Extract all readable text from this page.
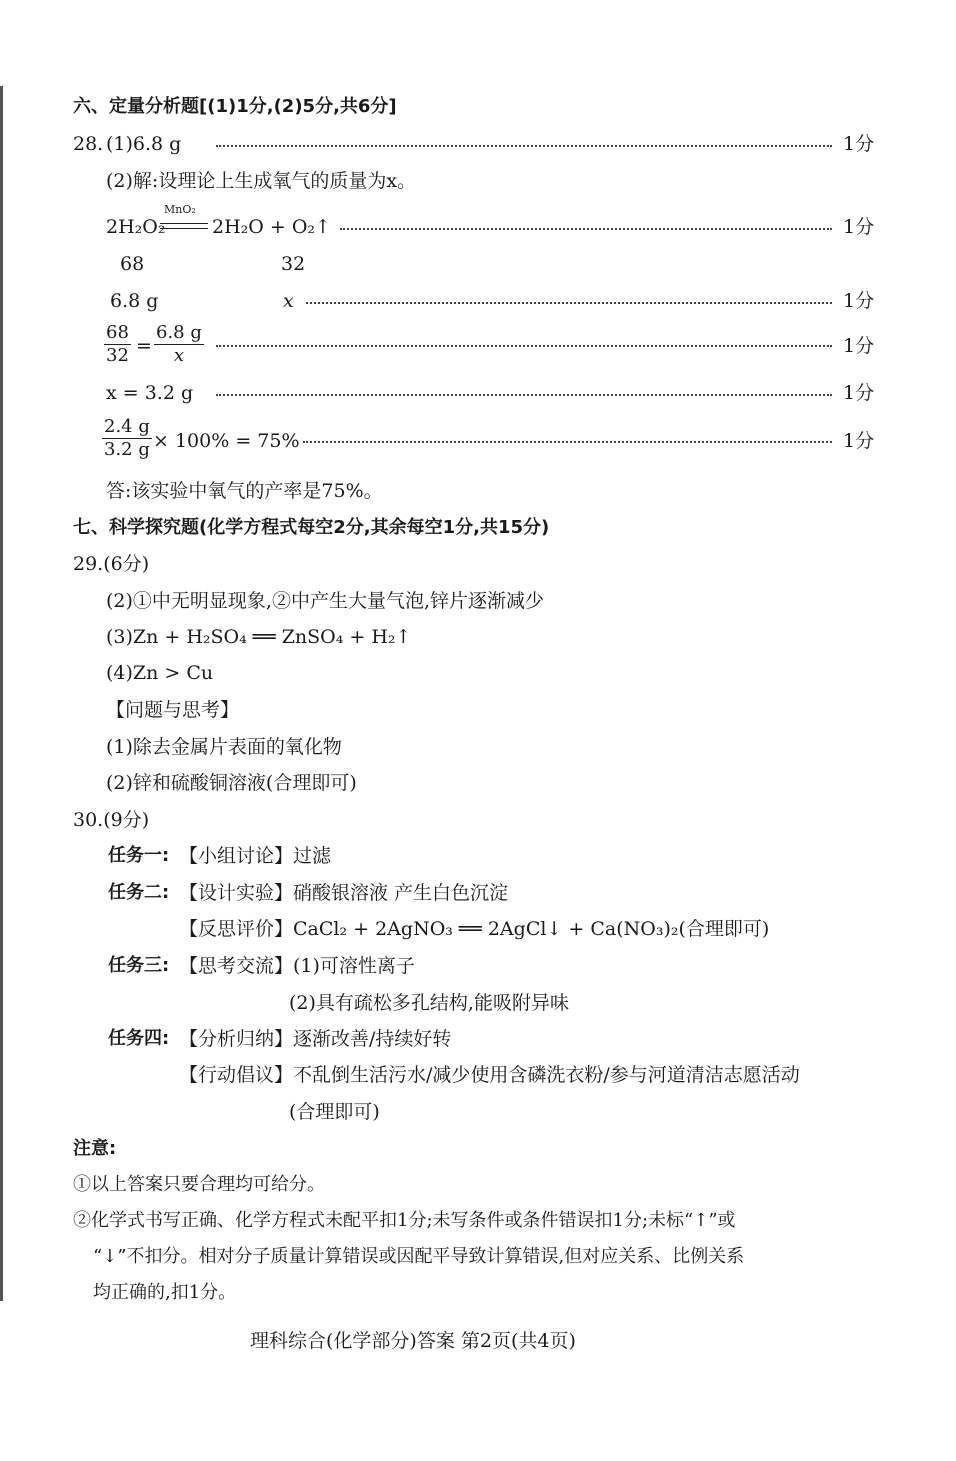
六、定量分析题[(1)1分,(2)5分,共6分]
28. (1)6.8 g	1分
(2)解:设理论上生成氧气的质量为x。
2H₂O₂
MnO₂
2H₂O + O₂↑	1分
68	32
6.8 g	x	1分
$\frac{68}{32} = \frac{6.8 g}{x}$	1分
x = 3.2 g	1分
$\frac{2.4 g}{3.2 g} \times 100\% = 75\%$	1分
答:该实验中氧气的产率是75%。
七、科学探究题(化学方程式每空2分,其余每空1分,共15分)
29.(6分)
(2)①中无明显现象,②中产生大量气泡,锌片逐渐减少
(3)Zn + H₂SO₄ ══ ZnSO₄ + H₂↑
(4)Zn > Cu
【问题与思考】
(1)除去金属片表面的氧化物
(2)锌和硫酸铜溶液(合理即可)
30.(9分)
任务一: 【小组讨论】过滤
任务二: 【设计实验】硝酸银溶液 产生白色沉淀
【反思评价】CaCl₂ + 2AgNO₃ ══ 2AgCl↓ + Ca(NO₃)₂(合理即可)
任务三: 【思考交流】(1)可溶性离子
(2)具有疏松多孔结构,能吸附异味
任务四: 【分析归纳】逐渐改善/持续好转
【行动倡议】不乱倒生活污水/减少使用含磷洗衣粉/参与河道清洁志愿活动
(合理即可)
注意:
①以上答案只要合理均可给分。
②化学式书写正确、化学方程式未配平扣1分;未写条件或条件错误扣1分;未标“↑”或
“↓”不扣分。相对分子质量计算错误或因配平导致计算错误,但对应关系、比例关系
均正确的,扣1分。
理科综合(化学部分)答案 第2页(共4页)
